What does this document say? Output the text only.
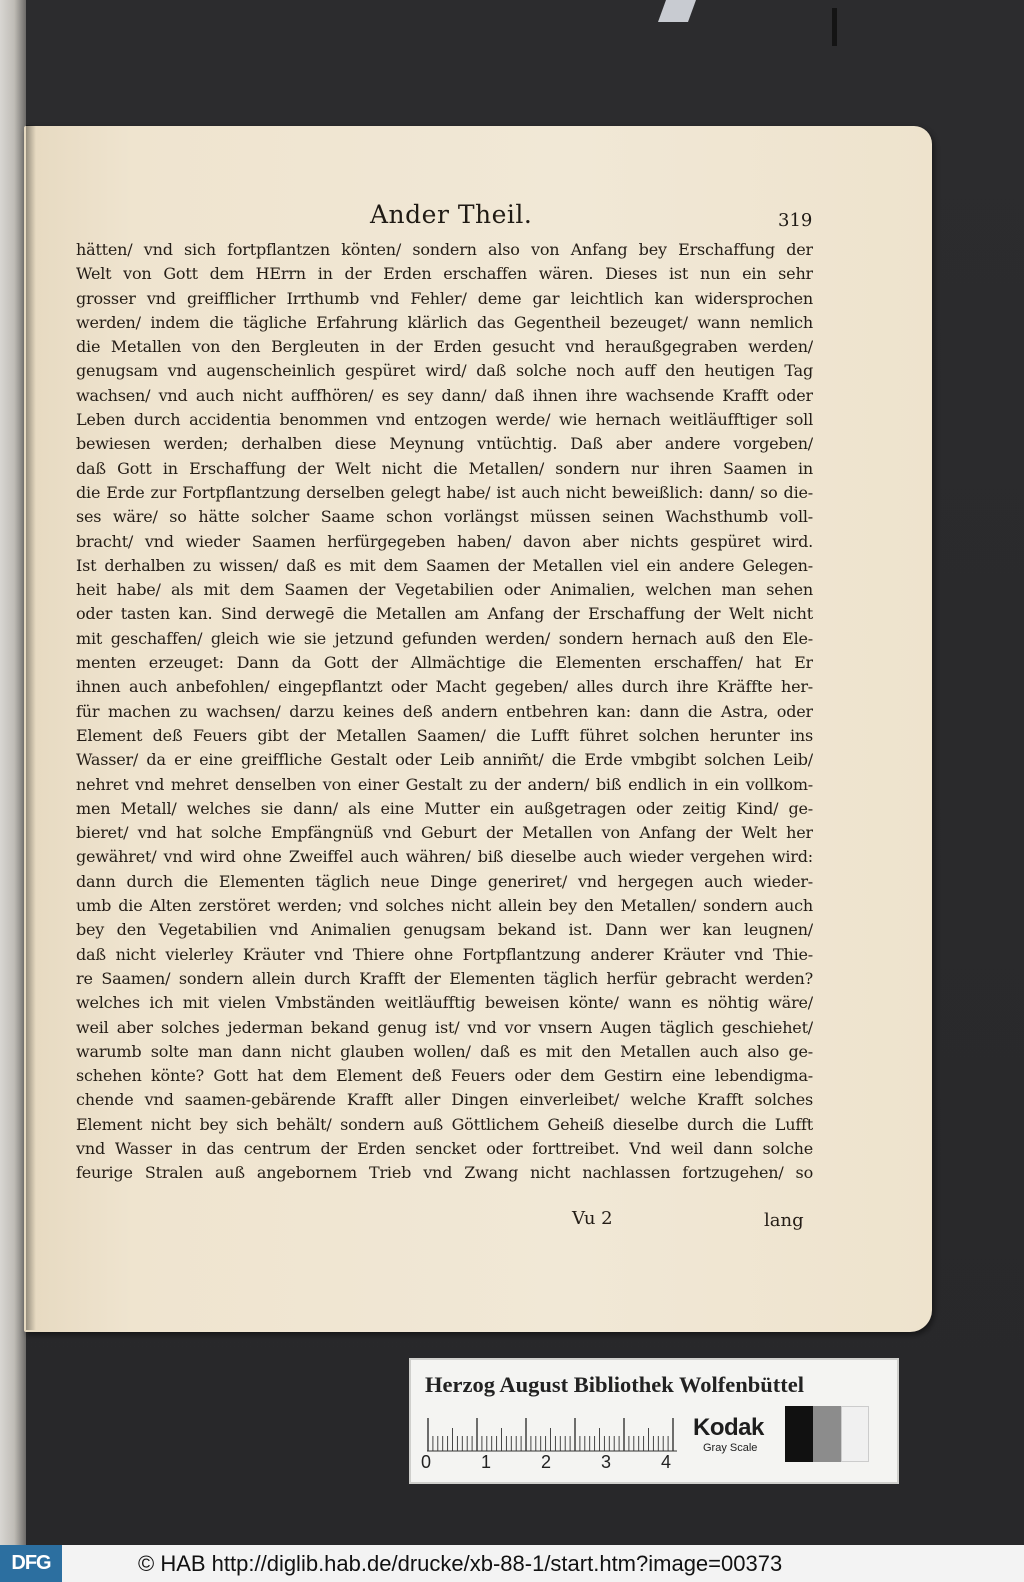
Ander Theil.	319
hätten/ vnd sich fortpflantzen könten/ sondern also von Anfang bey Erschaffung der
Welt von Gott dem HErrn in der Erden erschaffen wären. Dieses ist nun ein sehr
grosser vnd greifflicher Irrthumb vnd Fehler/ deme gar leichtlich kan widersprochen
werden/ indem die tägliche Erfahrung klärlich das Gegentheil bezeuget/ wann nemlich
die Metallen von den Bergleuten in der Erden gesucht vnd heraußgegraben werden/
genugsam vnd augenscheinlich gespüret wird/ daß solche noch auff den heutigen Tag
wachsen/ vnd auch nicht auffhören/ es sey dann/ daß ihnen ihre wachsende Krafft oder
Leben durch accidentia benommen vnd entzogen werde/ wie hernach weitläufftiger soll
bewiesen werden; derhalben diese Meynung vntüchtig. Daß aber andere vorgeben/
daß Gott in Erschaffung der Welt nicht die Metallen/ sondern nur ihren Saamen in
die Erde zur Fortpflantzung derselben gelegt habe/ ist auch nicht beweißlich: dann/ so die-
ses wäre/ so hätte solcher Saame schon vorlängst müssen seinen Wachsthumb voll-
bracht/ vnd wieder Saamen herfürgegeben haben/ davon aber nichts gespüret wird.
Ist derhalben zu wissen/ daß es mit dem Saamen der Metallen viel ein andere Gelegen-
heit habe/ als mit dem Saamen der Vegetabilien oder Animalien, welchen man sehen
oder tasten kan. Sind derwegē die Metallen am Anfang der Erschaffung der Welt nicht
mit geschaffen/ gleich wie sie jetzund gefunden werden/ sondern hernach auß den Ele-
menten erzeuget: Dann da Gott der Allmächtige die Elementen erschaffen/ hat Er
ihnen auch anbefohlen/ eingepflantzt oder Macht gegeben/ alles durch ihre Kräffte her-
für machen zu wachsen/ darzu keines deß andern entbehren kan: dann die Astra, oder
Element deß Feuers gibt der Metallen Saamen/ die Lufft führet solchen herunter ins
Wasser/ da er eine greiffliche Gestalt oder Leib annim̃t/ die Erde vmbgibt solchen Leib/
nehret vnd mehret denselben von einer Gestalt zu der andern/ biß endlich in ein vollkom-
men Metall/ welches sie dann/ als eine Mutter ein außgetragen oder zeitig Kind/ ge-
bieret/ vnd hat solche Empfängnüß vnd Geburt der Metallen von Anfang der Welt her
gewähret/ vnd wird ohne Zweiffel auch währen/ biß dieselbe auch wieder vergehen wird:
dann durch die Elementen täglich neue Dinge generiret/ vnd hergegen auch wieder-
umb die Alten zerstöret werden; vnd solches nicht allein bey den Metallen/ sondern auch
bey den Vegetabilien vnd Animalien genugsam bekand ist. Dann wer kan leugnen/
daß nicht vielerley Kräuter vnd Thiere ohne Fortpflantzung anderer Kräuter vnd Thie-
re Saamen/ sondern allein durch Krafft der Elementen täglich herfür gebracht werden?
welches ich mit vielen Vmbständen weitläufftig beweisen könte/ wann es nöhtig wäre/
weil aber solches jederman bekand genug ist/ vnd vor vnsern Augen täglich geschiehet/
warumb solte man dann nicht glauben wollen/ daß es mit den Metallen auch also ge-
schehen könte? Gott hat dem Element deß Feuers oder dem Gestirn eine lebendigma-
chende vnd saamen-gebärende Krafft aller Dingen einverleibet/ welche Krafft solches
Element nicht bey sich behält/ sondern auß Göttlichem Geheiß dieselbe durch die Lufft
vnd Wasser in das centrum der Erden sencket oder forttreibet. Vnd weil dann solche
feurige Stralen auß angebornem Trieb vnd Zwang nicht nachlassen fortzugehen/ so
Vu 2	lang
Herzog August Bibliothek Wolfenbüttel
0	1	2	3	4
Kodak
Gray Scale
DFG	© HAB http://diglib.hab.de/drucke/xb-88-1/start.htm?image=00373
